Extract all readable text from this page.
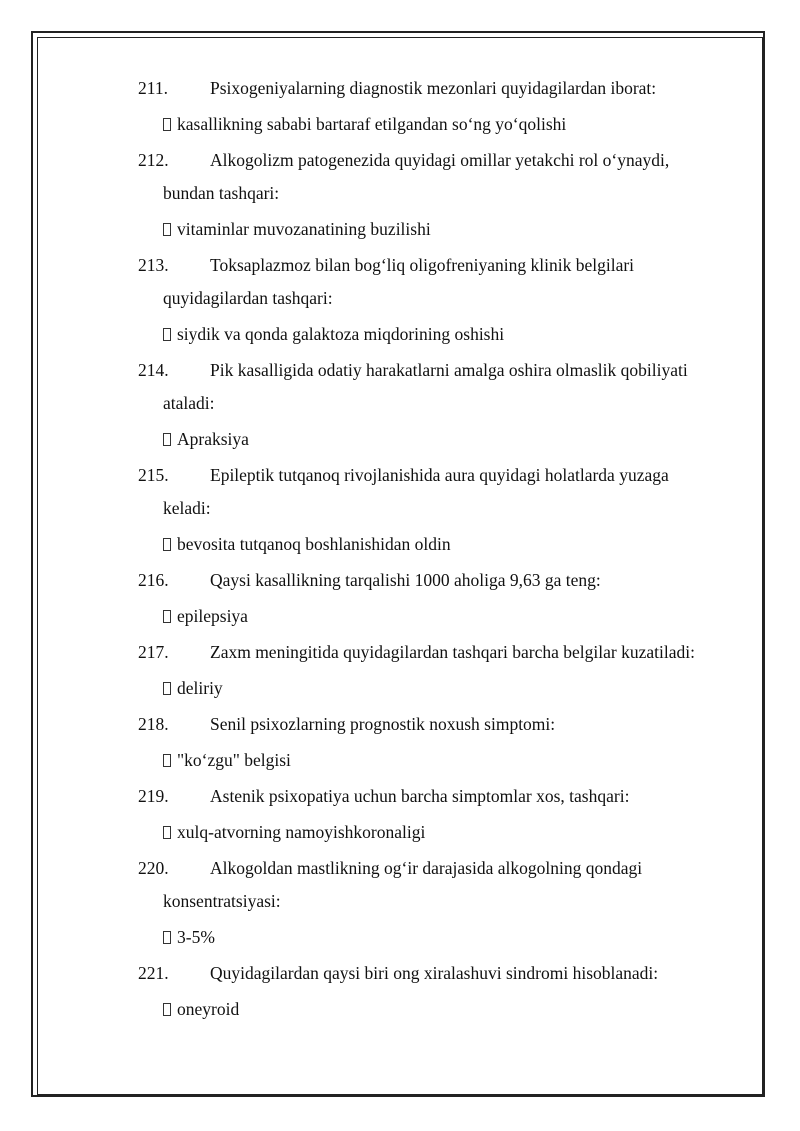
211.	Psixogeniyalarning diagnostik mezonlari quyidagilardan iborat:
kasallikning sababi bartaraf etilgandan so‘ng yo‘qolishi
212.	Alkogolizm patogenezida quyidagi omillar yetakchi rol o‘ynaydi,
bundan tashqari:
vitaminlar muvozanatining buzilishi
213.	Toksaplazmoz bilan bog‘liq oligofreniyaning klinik belgilari
quyidagilardan tashqari:
siydik va qonda galaktoza miqdorining oshishi
214.	Pik kasalligida odatiy harakatlarni amalga oshira olmaslik qobiliyati
ataladi:
Apraksiya
215.	Epileptik tutqanoq rivojlanishida aura quyidagi holatlarda yuzaga
keladi:
bevosita tutqanoq boshlanishidan oldin
216.	Qaysi kasallikning tarqalishi 1000 aholiga 9,63 ga teng:
epilepsiya
217.	Zaxm meningitida quyidagilardan tashqari barcha belgilar kuzatiladi:
deliriy
218.	Senil psixozlarning prognostik noxush simptomi:
"ko‘zgu" belgisi
219.	Astenik psixopatiya uchun barcha simptomlar xos, tashqari:
xulq-atvorning namoyishkoronaligi
220.	Alkogoldan mastlikning og‘ir darajasida alkogolning qondagi
konsentratsiyasi:
3-5%
221.	Quyidagilardan qaysi biri ong xiralashuvi sindromi hisoblanadi:
oneyroid
